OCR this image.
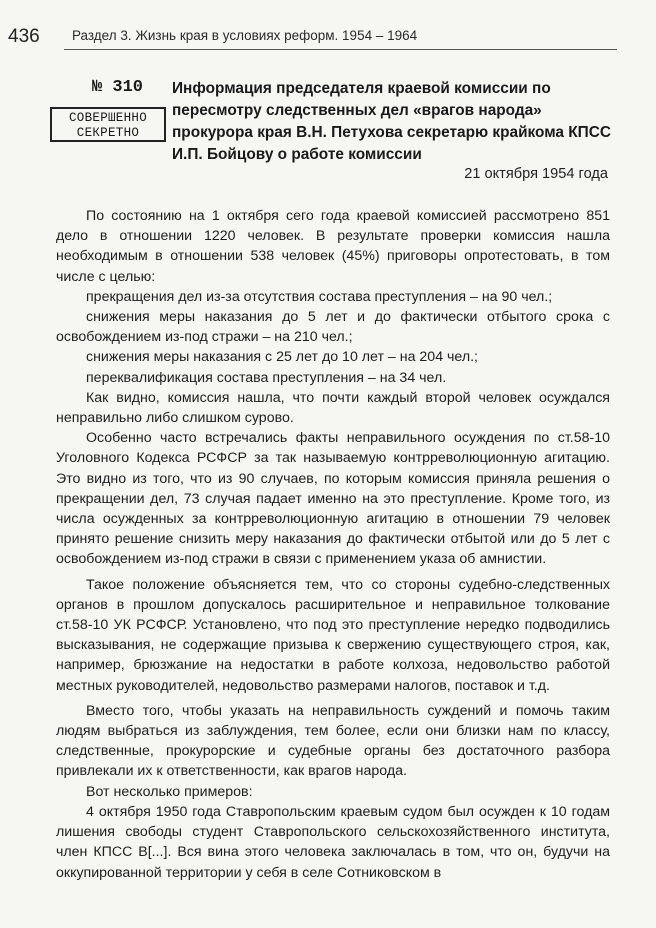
436 Раздел 3. Жизнь края в условиях реформ. 1954 – 1964
№ 310
СОВЕРШЕННО
СЕКРЕТНО
Информация председателя краевой комиссии по пересмотру следственных дел «врагов народа» прокурора края В.Н. Петухова секретарю крайкома КПСС И.П. Бойцову о работе комиссии
21 октября 1954 года

По состоянию на 1 октября сего года краевой комиссией рассмотрено 851 дело в отношении 1220 человек. В результате проверки комиссия нашла необходимым в отношении 538 человек (45%) приговоры опротестовать, в том числе с целью:

прекращения дел из-за отсутствия состава преступления – на 90 чел.;

снижения меры наказания до 5 лет и до фактически отбытого срока с освобождением из-под стражи – на 210 чел.;

снижения меры наказания с 25 лет до 10 лет – на 204 чел.;

переквалификация состава преступления – на 34 чел.

Как видно, комиссия нашла, что почти каждый второй человек осуждался неправильно либо слишком сурово.

Особенно часто встречались факты неправильного осуждения по ст.58-10 Уголовного Кодекса РСФСР за так называемую контрреволюционную агитацию. Это видно из того, что из 90 случаев, по которым комиссия приняла решения о прекращении дел, 73 случая падает именно на это преступление. Кроме того, из числа осужденных за контрреволюционную агитацию в отношении 79 человек принято решение снизить меру наказания до фактически отбытой или до 5 лет с освобождением из-под стражи в связи с применением указа об амнистии.

Такое положение объясняется тем, что со стороны судебно-следственных органов в прошлом допускалось расширительное и неправильное толкование ст.58-10 УК РСФСР. Установлено, что под это преступление нередко подводились высказывания, не содержащие призыва к свержению существующего строя, как, например, брюзжание на недостатки в работе колхоза, недовольство работой местных руководителей, недовольство размерами налогов, поставок и т.д.

Вместо того, чтобы указать на неправильность суждений и помочь таким людям выбраться из заблуждения, тем более, если они близки нам по классу, следственные, прокурорские и судебные органы без достаточного разбора привлекали их к ответственности, как врагов народа.

Вот несколько примеров:

4 октября 1950 года Ставропольским краевым судом был осужден к 10 годам лишения свободы студент Ставропольского сельскохозяйственного института, член КПСС В[...]. Вся вина этого человека заключалась в том, что он, будучи на оккупированной территории у себя в селе Сотниковском в
